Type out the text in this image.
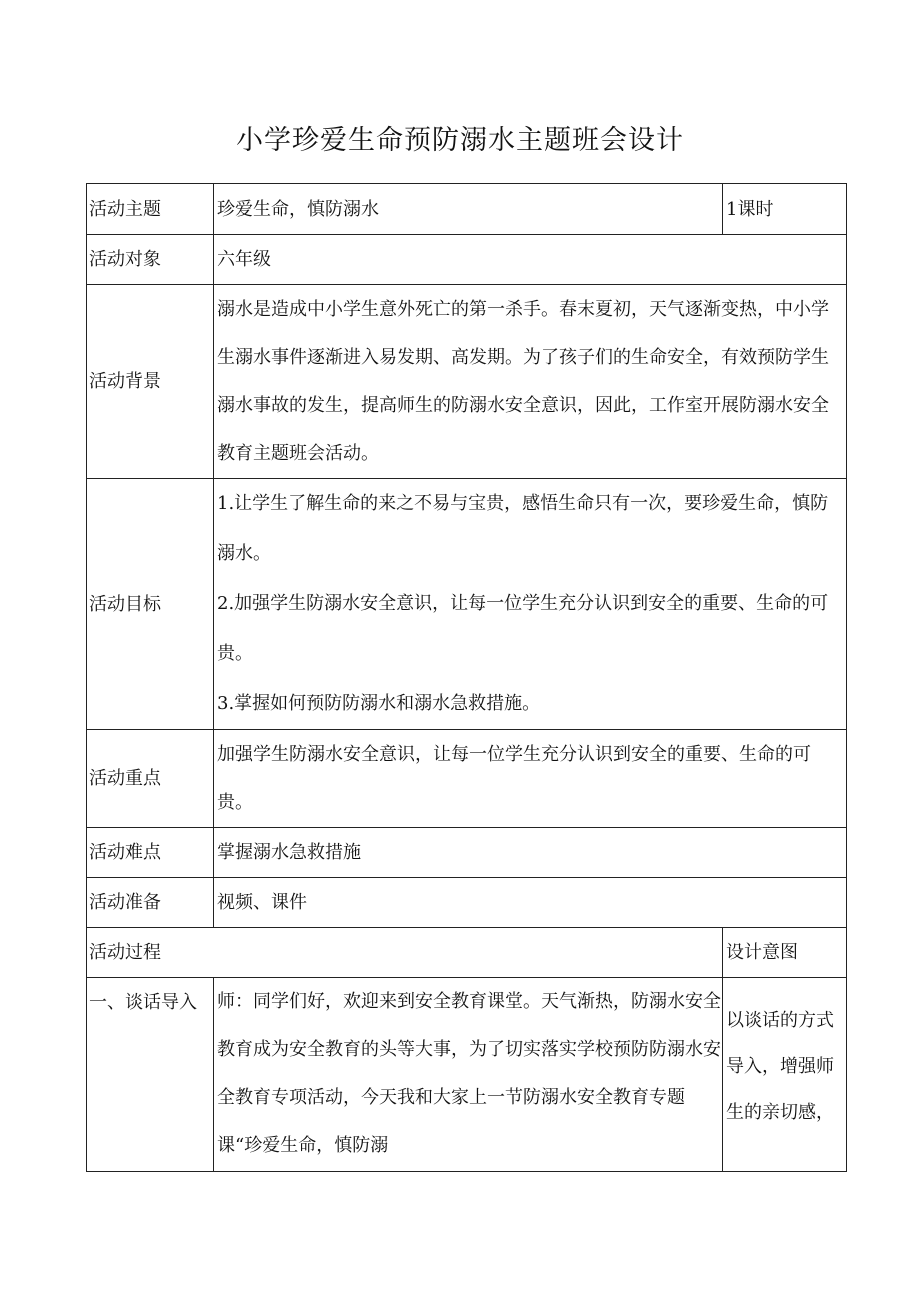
小学珍爱生命预防溺水主题班会设计
活动主题	珍爱生命，慎防溺水	1课时
活动对象	六年级	
活动背景	溺水是造成中小学生意外死亡的第一杀手。春末夏初，天气逐渐变热，中小学生溺水事件逐渐进入易发期、高发期。为了孩子们的生命安全，有效预防学生溺水事故的发生，提高师生的防溺水安全意识，因此，工作室开展防溺水安全教育主题班会活动。	
活动目标	1.让学生了解生命的来之不易与宝贵，感悟生命只有一次，要珍爱生命，慎防溺水。
2.加强学生防溺水安全意识，让每一位学生充分认识到安全的重要、生命的可贵。
3.掌握如何预防防溺水和溺水急救措施。	

活动重点	加强学生防溺水安全意识，让每一位学生充分认识到安全的重要、生命的可贵。	
活动难点	掌握溺水急救措施	
活动准备	视频、课件	
活动过程		设计意图
一、谈话导入	师：同学们好，欢迎来到安全教育课堂。天气渐热，防溺水安全教育成为安全教育的头等大事，为了切实落实学校预防防溺水安全教育专项活动，今天我和大家上一节防溺水安全教育专题课“珍爱生命，慎防溺	以谈话的方式导入，增强师生的亲切感，
